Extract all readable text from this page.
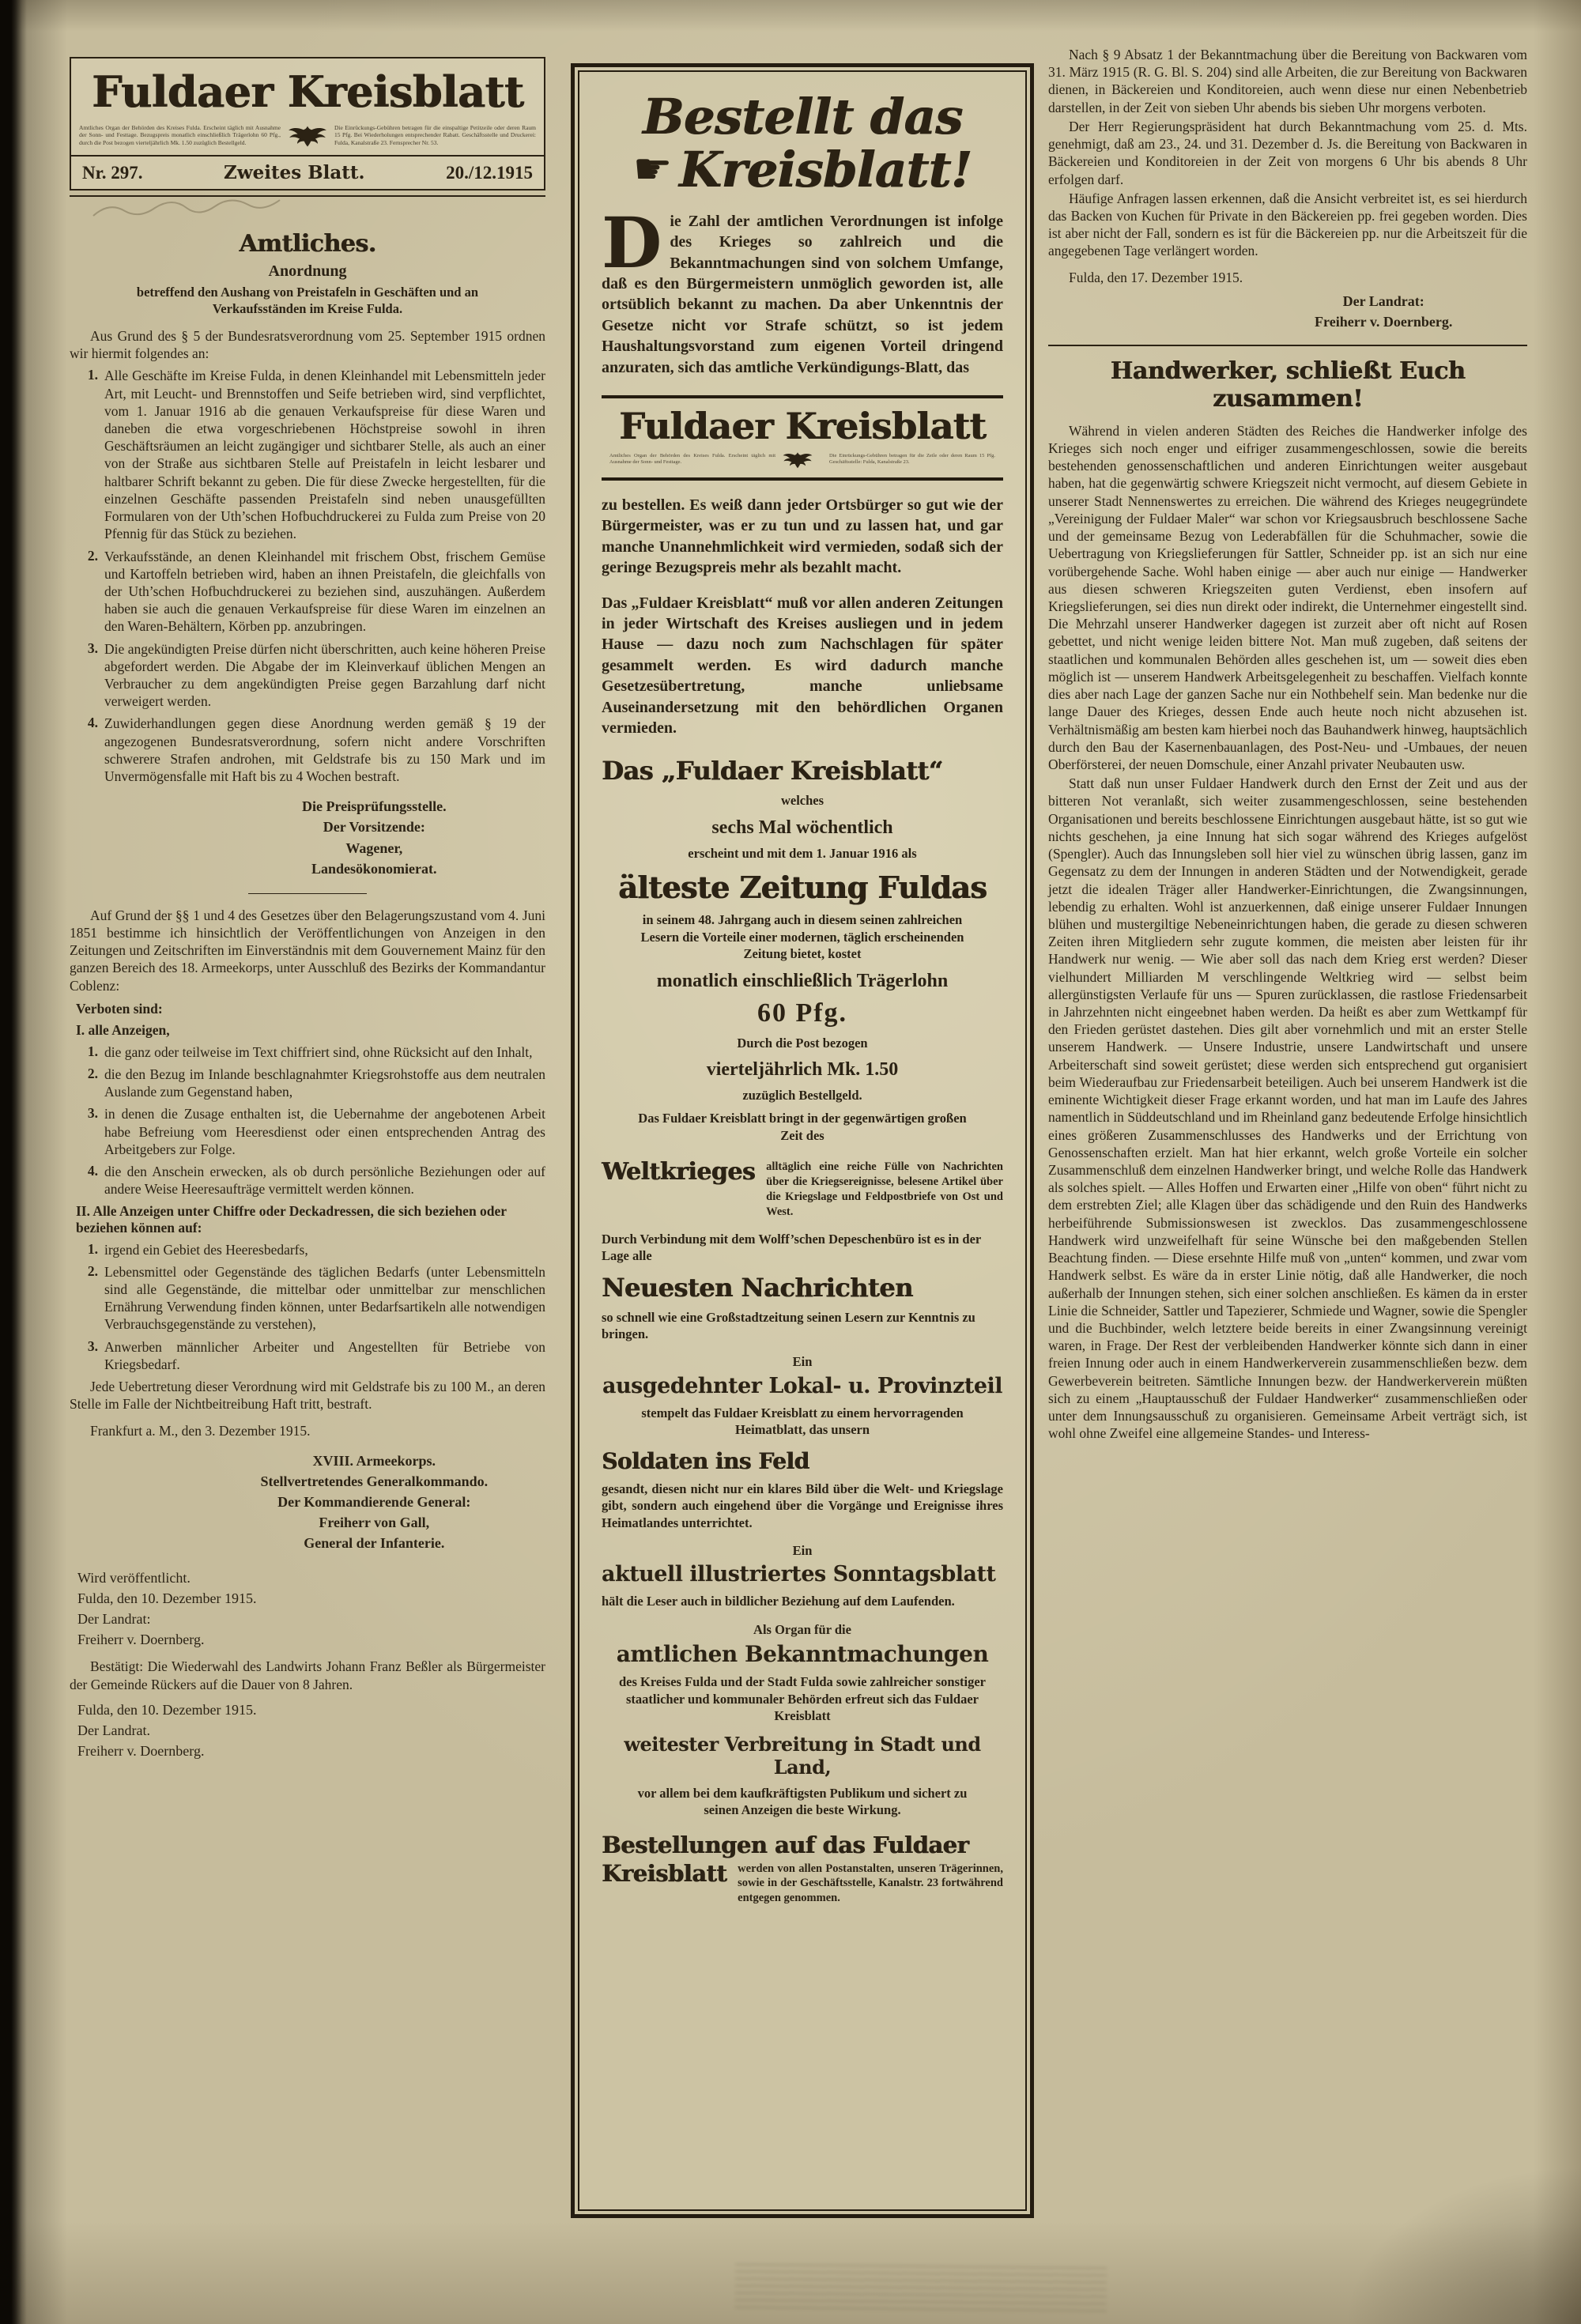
Fuldaer Kreisblatt
Amtliches Organ der Behörden des Kreises Fulda. Erscheint täglich mit Ausnahme der Sonn- und Festtage. Bezugspreis monatlich einschließlich Trägerlohn 60 Pfg., durch die Post bezogen vierteljährlich Mk. 1.50 zuzüglich Bestellgeld.
Die Einrückungs-Gebühren betragen für die einspaltige Petitzeile oder deren Raum 15 Pfg. Bei Wiederholungen entsprechender Rabatt. Geschäftsstelle und Druckerei: Fulda, Kanalstraße 23. Fernsprecher Nr. 53.
Nr. 297.	Zweites Blatt.	20./12.1915
Amtliches.
Anordnung
betreffend den Aushang von Preistafeln in Geschäften und an Verkaufsständen im Kreise Fulda.

Aus Grund des § 5 der Bundesratsverordnung vom 25. September 1915 ordnen wir hiermit folgendes an:

1. Alle Geschäfte im Kreise Fulda, in denen Kleinhandel mit Lebensmitteln jeder Art, mit Leucht- und Brennstoffen und Seife betrieben wird, sind verpflichtet, vom 1. Januar 1916 ab die genauen Verkaufspreise für diese Waren und daneben die etwa vorgeschriebenen Höchstpreise sowohl in ihren Geschäftsräumen an leicht zugängiger und sichtbarer Stelle, als auch an einer von der Straße aus sichtbaren Stelle auf Preistafeln in leicht lesbarer und haltbarer Schrift bekannt zu geben. Die für diese Zwecke hergestellten, für die einzelnen Geschäfte passenden Preistafeln sind neben unausgefüllten Formularen von der Uth’schen Hofbuchdruckerei zu Fulda zum Preise von 20 Pfennig für das Stück zu beziehen.
2. Verkaufsstände, an denen Kleinhandel mit frischem Obst, frischem Gemüse und Kartoffeln betrieben wird, haben an ihnen Preistafeln, die gleichfalls von der Uth’schen Hofbuchdruckerei zu beziehen sind, auszuhängen. Außerdem haben sie auch die genauen Verkaufspreise für diese Waren im einzelnen an den Waren-Behältern, Körben pp. anzubringen.
3. Die angekündigten Preise dürfen nicht überschritten, auch keine höheren Preise abgefordert werden. Die Abgabe der im Kleinverkauf üblichen Mengen an Verbraucher zu dem angekündigten Preise gegen Barzahlung darf nicht verweigert werden.
4. Zuwiderhandlungen gegen diese Anordnung werden gemäß § 19 der angezogenen Bundesratsverordnung, sofern nicht andere Vorschriften schwerere Strafen androhen, mit Geldstrafe bis zu 150 Mark und im Unvermögensfalle mit Haft bis zu 4 Wochen bestraft.
Die Preisprüfungsstelle.
Der Vorsitzende:
Wagener,
Landesökonomierat.

Auf Grund der §§ 1 und 4 des Gesetzes über den Belagerungszustand vom 4. Juni 1851 bestimme ich hinsichtlich der Veröffentlichungen von Anzeigen in den Zeitungen und Zeitschriften im Einverständnis mit dem Gouvernement Mainz für den ganzen Bereich des 18. Armeekorps, unter Ausschluß des Bezirks der Kommandantur Coblenz:

Verboten sind:
I. alle Anzeigen,
1. die ganz oder teilweise im Text chiffriert sind, ohne Rücksicht auf den Inhalt,
2. die den Bezug im Inlande beschlagnahmter Kriegsrohstoffe aus dem neutralen Auslande zum Gegenstand haben,
3. in denen die Zusage enthalten ist, die Uebernahme der angebotenen Arbeit habe Befreiung vom Heeresdienst oder einen entsprechenden Antrag des Arbeitgebers zur Folge.
4. die den Anschein erwecken, als ob durch persönliche Beziehungen oder auf andere Weise Heeresaufträge vermittelt werden können.
II. Alle Anzeigen unter Chiffre oder Deckadressen, die sich beziehen oder beziehen können auf:
1. irgend ein Gebiet des Heeresbedarfs,
2. Lebensmittel oder Gegenstände des täglichen Bedarfs (unter Lebensmitteln sind alle Gegenstände, die mittelbar oder unmittelbar zur menschlichen Ernährung Verwendung finden können, unter Bedarfsartikeln alle notwendigen Verbrauchsgegenstände zu verstehen),
3. Anwerben männlicher Arbeiter und Angestellten für Betriebe von Kriegsbedarf.

Jede Uebertretung dieser Verordnung wird mit Geldstrafe bis zu 100 M., an deren Stelle im Falle der Nichtbeitreibung Haft tritt, bestraft.

Frankfurt a. M., den 3. Dezember 1915.

XVIII. Armeekorps.
Stellvertretendes Generalkommando.
Der Kommandierende General:
Freiherr von Gall,
General der Infanterie.
Wird veröffentlicht.
Fulda, den 10. Dezember 1915.
Der Landrat:
Freiherr v. Doernberg.

Bestätigt: Die Wiederwahl des Landwirts Johann Franz Beßler als Bürgermeister der Gemeinde Rückers auf die Dauer von 8 Jahren.

Fulda, den 10. Dezember 1915.
Der Landrat.
Freiherr v. Doernberg.
Bestellt das
☛ Kreisblatt!

Die Zahl der amtlichen Verordnungen ist infolge des Krieges so zahlreich und die Bekanntmachungen sind von solchem Umfange, daß es den Bürgermeistern unmöglich geworden ist, alle ortsüblich bekannt zu machen. Da aber Unkenntnis der Gesetze nicht vor Strafe schützt, so ist jedem Haushaltungsvorstand zum eigenen Vorteil dringend anzuraten, sich das amtliche Verkündigungs-Blatt, das

Fuldaer Kreisblatt
Amtliches Organ der Behörden des Kreises Fulda. Erscheint täglich mit Ausnahme der Sonn- und Festtage.
Die Einrückungs-Gebühren betragen für die Zeile oder deren Raum 15 Pfg. Geschäftsstelle: Fulda, Kanalstraße 23.

zu bestellen. Es weiß dann jeder Ortsbürger so gut wie der Bürgermeister, was er zu tun und zu lassen hat, und gar manche Unannehmlichkeit wird vermieden, sodaß sich der geringe Bezugspreis mehr als bezahlt macht.

Das „Fuldaer Kreisblatt“ muß vor allen anderen Zeitungen in jeder Wirtschaft des Kreises ausliegen und in jedem Hause — dazu noch zum Nachschlagen für später gesammelt werden. Es wird dadurch manche Gesetzesübertretung, manche unliebsame Auseinandersetzung mit den behördlichen Organen vermieden.

Das „Fuldaer Kreisblatt“
welches
sechs Mal wöchentlich
erscheint und mit dem 1. Januar 1916 als
älteste Zeitung Fuldas
in seinem 48. Jahrgang auch in diesem seinen zahlreichen Lesern die Vorteile einer modernen, täglich erscheinenden Zeitung bietet, kostet
monatlich einschließlich Trägerlohn
60 Pfg.
Durch die Post bezogen
vierteljährlich Mk. 1.50
zuzüglich Bestellgeld.
Das Fuldaer Kreisblatt bringt in der gegenwärtigen großen Zeit des
Weltkrieges alltäglich eine reiche Fülle von Nachrichten über die Kriegsereignisse, belesene Artikel über die Kriegslage und Feldpostbriefe von Ost und West.
Durch Verbindung mit dem Wolff’schen Depeschenbüro ist es in der Lage alle
Neuesten Nachrichten
so schnell wie eine Großstadtzeitung seinen Lesern zur Kenntnis zu bringen.
Ein
ausgedehnter Lokal- u. Provinzteil
stempelt das Fuldaer Kreisblatt zu einem hervorragenden Heimatblatt, das unsern
Soldaten ins Feld
gesandt, diesen nicht nur ein klares Bild über die Welt- und Kriegslage gibt, sondern auch eingehend über die Vorgänge und Ereignisse ihres Heimatlandes unterrichtet.
Ein
aktuell illustriertes Sonntagsblatt
hält die Leser auch in bildlicher Beziehung auf dem Laufenden.
Als Organ für die
amtlichen Bekanntmachungen
des Kreises Fulda und der Stadt Fulda sowie zahlreicher sonstiger staatlicher und kommunaler Behörden erfreut sich das Fuldaer Kreisblatt
weitester Verbreitung in Stadt und Land,
vor allem bei dem kaufkräftigsten Publikum und sichert zu seinen Anzeigen die beste Wirkung.
Bestellungen auf das Fuldaer
Kreisblatt werden von allen Postanstalten, unseren Trägerinnen, sowie in der Geschäftsstelle, Kanalstr. 23 fortwährend entgegen genommen.

Nach § 9 Absatz 1 der Bekanntmachung über die Bereitung von Backwaren vom 31. März 1915 (R. G. Bl. S. 204) sind alle Arbeiten, die zur Bereitung von Backwaren dienen, in Bäckereien und Konditoreien, auch wenn diese nur einen Nebenbetrieb darstellen, in der Zeit von sieben Uhr abends bis sieben Uhr morgens verboten.

Der Herr Regierungspräsident hat durch Bekanntmachung vom 25. d. Mts. genehmigt, daß am 23., 24. und 31. Dezember d. Js. die Bereitung von Backwaren in Bäckereien und Konditoreien in der Zeit von morgens 6 Uhr bis abends 8 Uhr erfolgen darf.

Häufige Anfragen lassen erkennen, daß die Ansicht verbreitet ist, es sei hierdurch das Backen von Kuchen für Private in den Bäckereien pp. frei gegeben worden. Dies ist aber nicht der Fall, sondern es ist für die Bäckereien pp. nur die Arbeitszeit für die angegebenen Tage verlängert worden.

Fulda, den 17. Dezember 1915.

Der Landrat:
Freiherr v. Doernberg.
Handwerker, schließt Euch zusammen!

Während in vielen anderen Städten des Reiches die Handwerker infolge des Krieges sich noch enger und eifriger zusammengeschlossen, sowie die bereits bestehenden genossenschaftlichen und anderen Einrichtungen weiter ausgebaut haben, hat die gegenwärtig schwere Kriegszeit nicht vermocht, auf diesem Gebiete in unserer Stadt Nennenswertes zu erreichen. Die während des Krieges neugegründete „Vereinigung der Fuldaer Maler“ war schon vor Kriegsausbruch beschlossene Sache und der gemeinsame Bezug von Lederabfällen für die Schuhmacher, sowie die Uebertragung von Kriegslieferungen für Sattler, Schneider pp. ist an sich nur eine vorübergehende Sache. Wohl haben einige — aber auch nur einige — Handwerker aus diesen schweren Kriegszeiten guten Verdienst, eben insofern auf Kriegslieferungen, sei dies nun direkt oder indirekt, die Unternehmer eingestellt sind. Die Mehrzahl unserer Handwerker dagegen ist zurzeit aber oft nicht auf Rosen gebettet, und nicht wenige leiden bittere Not. Man muß zugeben, daß seitens der staatlichen und kommunalen Behörden alles geschehen ist, um — soweit dies eben möglich ist — unserem Handwerk Arbeitsgelegenheit zu beschaffen. Vielfach konnte dies aber nach Lage der ganzen Sache nur ein Nothbehelf sein. Man bedenke nur die lange Dauer des Krieges, dessen Ende auch heute noch nicht abzusehen ist. Verhältnismäßig am besten kam hierbei noch das Bauhandwerk hinweg, hauptsächlich durch den Bau der Kasernenbauanlagen, des Post-Neu- und -Umbaues, der neuen Oberförsterei, der neuen Domschule, einer Anzahl privater Neubauten usw.

Statt daß nun unser Fuldaer Handwerk durch den Ernst der Zeit und aus der bitteren Not veranlaßt, sich weiter zusammengeschlossen, seine bestehenden Organisationen und bereits beschlossene Einrichtungen ausgebaut hätte, ist so gut wie nichts geschehen, ja eine Innung hat sich sogar während des Krieges aufgelöst (Spengler). Auch das Innungsleben soll hier viel zu wünschen übrig lassen, ganz im Gegensatz zu dem der Innungen in anderen Städten und der Notwendigkeit, gerade jetzt die idealen Träger aller Handwerker-Einrichtungen, die Zwangsinnungen, lebendig zu erhalten. Wohl ist anzuerkennen, daß einige unserer Fuldaer Innungen blühen und mustergiltige Nebeneinrichtungen haben, die gerade zu diesen schweren Zeiten ihren Mitgliedern sehr zugute kommen, die meisten aber leisten für ihr Handwerk nur wenig. — Wie aber soll das nach dem Krieg erst werden? Dieser vielhundert Milliarden M verschlingende Weltkrieg wird — selbst beim allergünstigsten Verlaufe für uns — Spuren zurücklassen, die rastlose Friedensarbeit in Jahrzehnten nicht eingeebnet haben werden. Da heißt es aber zum Wettkampf für den Frieden gerüstet dastehen. Dies gilt aber vornehmlich und mit an erster Stelle unserem Handwerk. — Unsere Industrie, unsere Landwirtschaft und unsere Arbeiterschaft sind soweit gerüstet; diese werden sich entsprechend gut organisiert beim Wiederaufbau zur Friedensarbeit beteiligen. Auch bei unserem Handwerk ist die eminente Wichtigkeit dieser Frage erkannt worden, und hat man im Laufe des Jahres namentlich in Süddeutschland und im Rheinland ganz bedeutende Erfolge hinsichtlich eines größeren Zusammenschlusses des Handwerks und der Errichtung von Genossenschaften erzielt. Man hat hier erkannt, welch große Vorteile ein solcher Zusammenschluß dem einzelnen Handwerker bringt, und welche Rolle das Handwerk als solches spielt. — Alles Hoffen und Erwarten einer „Hilfe von oben“ führt nicht zu dem erstrebten Ziel; alle Klagen über das schädigende und den Ruin des Handwerks herbeiführende Submissionswesen ist zwecklos. Das zusammengeschlossene Handwerk wird unzweifelhaft für seine Wünsche bei den maßgebenden Stellen Beachtung finden. — Diese ersehnte Hilfe muß von „unten“ kommen, und zwar vom Handwerk selbst. Es wäre da in erster Linie nötig, daß alle Handwerker, die noch außerhalb der Innungen stehen, sich einer solchen anschließen. Es kämen da in erster Linie die Schneider, Sattler und Tapezierer, Schmiede und Wagner, sowie die Spengler und die Buchbinder, welch letztere beide bereits in einer Zwangsinnung vereinigt waren, in Frage. Der Rest der verbleibenden Handwerker könnte sich dann in einer freien Innung oder auch in einem Handwerkerverein zusammenschließen bezw. dem Gewerbeverein beitreten. Sämtliche Innungen bezw. der Handwerkerverein müßten sich zu einem „Hauptausschuß der Fuldaer Handwerker“ zusammenschließen oder unter dem Innungsausschuß zu organisieren. Gemeinsame Arbeit verträgt sich, ist wohl ohne Zweifel eine allgemeine Standes- und Interess-
